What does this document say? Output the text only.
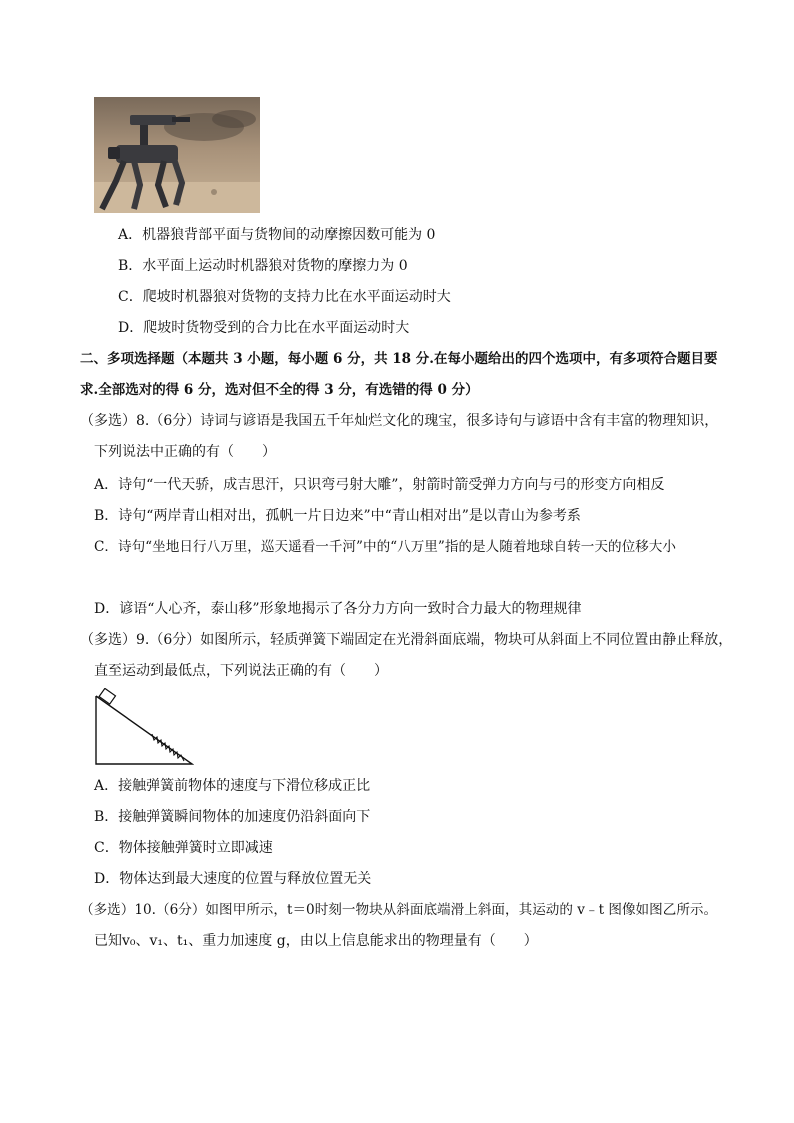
A．机器狼背部平面与货物间的动摩擦因数可能为 0
B．水平面上运动时机器狼对货物的摩擦力为 0
C．爬坡时机器狼对货物的支持力比在水平面运动时大
D．爬坡时货物受到的合力比在水平面运动时大
二、多项选择题（本题共 3 小题，每小题 6 分，共 18 分.在每小题给出的四个选项中，有多项符合题目要
求.全部选对的得 6 分，选对但不全的得 3 分，有选错的得 0 分）
（多选）8.（6分）诗词与谚语是我国五千年灿烂文化的瑰宝，很多诗句与谚语中含有丰富的物理知识，
下列说法中正确的有（　　）
A．诗句“一代天骄，成吉思汗，只识弯弓射大雕”，射箭时箭受弹力方向与弓的形变方向相反
B．诗句“两岸青山相对出，孤帆一片日边来”中“青山相对出”是以青山为参考系
C．诗句“坐地日行八万里，巡天遥看一千河”中的“八万里”指的是人随着地球自转一天的位移大小
D．谚语“人心齐，泰山移”形象地揭示了各分力方向一致时合力最大的物理规律
（多选）9.（6分）如图所示，轻质弹簧下端固定在光滑斜面底端，物块可从斜面上不同位置由静止释放，
直至运动到最低点，下列说法正确的有（　　）
A．接触弹簧前物体的速度与下滑位移成正比
B．接触弹簧瞬间物体的加速度仍沿斜面向下
C．物体接触弹簧时立即减速
D．物体达到最大速度的位置与释放位置无关
（多选）10.（6分）如图甲所示，t＝0时刻一物块从斜面底端滑上斜面，其运动的 v﹣t 图像如图乙所示。
已知v₀、v₁、t₁、重力加速度 g，由以上信息能求出的物理量有（　　）
